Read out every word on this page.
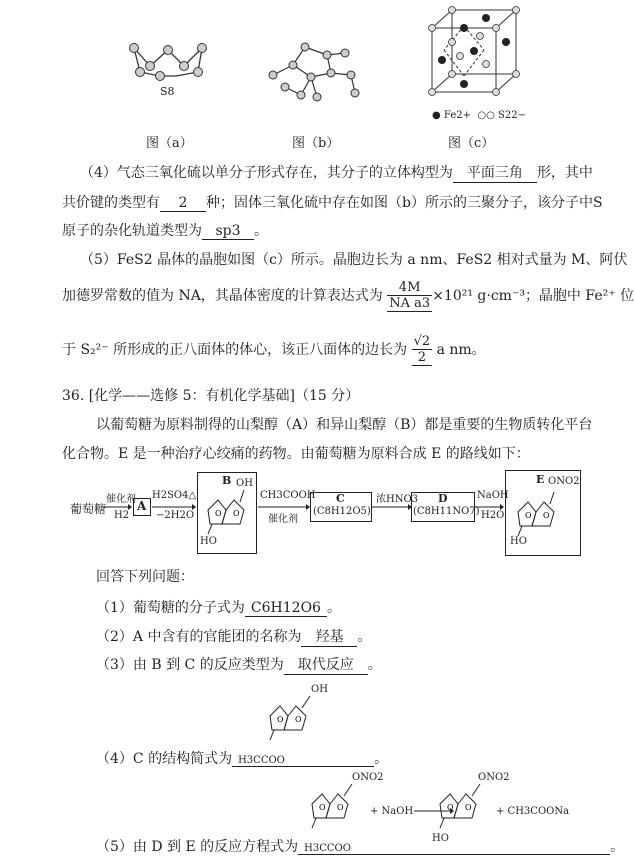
S8
● Fe2+ ○○ S22−
图（a）	图（b）	图（c）
（4）气态三氧化硫以单分子形式存在，其分子的立体构型为 平面三角 形，其中
共价键的类型有 2 种；固体三氧化硫中存在如图（b）所示的三聚分子，该分子中S
原子的杂化轨道类型为 sp3 。
（5）FeS2 晶体的晶胞如图（c）所示。晶胞边长为 a nm、FeS2 相对式量为 M、阿伏
加德罗常数的值为 NA，其晶体密度的计算表达式为 $\frac{4M}{\text{NA a3}} \times 10^{21}$ g·cm⁻³；晶胞中 Fe²⁺ 位
于 S₂²⁻ 所形成的正八面体的体心，该正八面体的边长为 $\frac{√2}{2}$ a nm。
36. [化学——选修 5：有机化学基础]（15 分）
以葡萄糖为原料制得的山梨醇（A）和异山梨醇（B）都是重要的生物质转化平台
化合物。E 是一种治疗心绞痛的药物。由葡萄糖为原料合成 E 的路线如下：
葡萄糖
催化剂
H2
A
H2SO4△
−2H2O
B OH
O O
HO
CH3COOH
催化剂
C
(C8H12O5)
浓HNO3 D
(C8H11NO7)
NaOH
H2O
E ONO2
O O
HO
回答下列问题：
（1）葡萄糖的分子式为 C6H12O6 。
（2）A 中含有的官能团的名称为 羟基 。
（3）由 B 到 C 的反应类型为 取代反应 。
OH
O O
（4）C 的结构简式为 H3CCOO	。
ONO2
O O	+ NaOH
ONO2
O O
HO
+ CH3COONa
（5）由 D 到 E 的反应方程式为 H3CCOO	。
